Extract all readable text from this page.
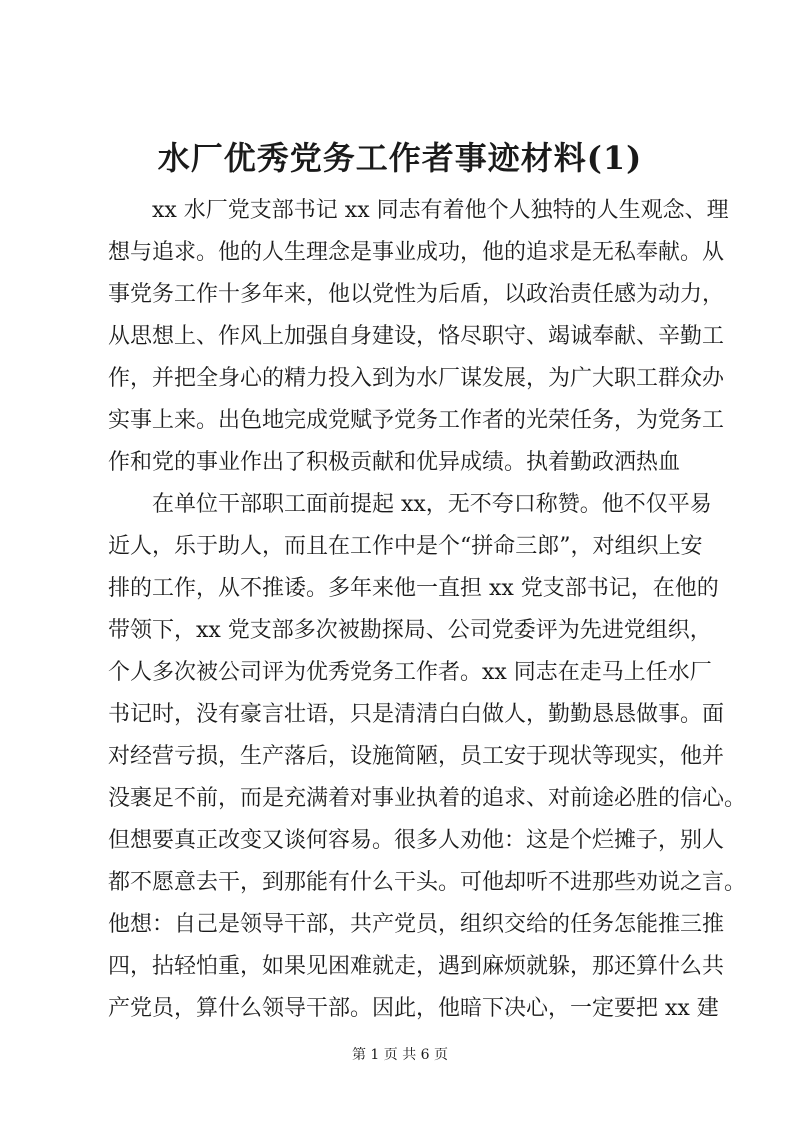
水厂优秀党务工作者事迹材料(1)
xx 水厂党支部书记 xx 同志有着他个人独特的人生观念、理
想与追求。他的人生理念是事业成功，他的追求是无私奉献。从
事党务工作十多年来，他以党性为后盾，以政治责任感为动力，
从思想上、作风上加强自身建设，恪尽职守、竭诚奉献、辛勤工
作，并把全身心的精力投入到为水厂谋发展，为广大职工群众办
实事上来。出色地完成党赋予党务工作者的光荣任务，为党务工
作和党的事业作出了积极贡献和优异成绩。执着勤政洒热血
在单位干部职工面前提起 xx，无不夸口称赞。他不仅平易
近人，乐于助人，而且在工作中是个“拼命三郎”，对组织上安
排的工作，从不推诿。多年来他一直担 xx 党支部书记，在他的
带领下，xx 党支部多次被勘探局、公司党委评为先进党组织，
个人多次被公司评为优秀党务工作者。xx 同志在走马上任水厂
书记时，没有豪言壮语，只是清清白白做人，勤勤恳恳做事。面
对经营亏损，生产落后，设施简陋，员工安于现状等现实，他并
没裹足不前，而是充满着对事业执着的追求、对前途必胜的信心。
但想要真正改变又谈何容易。很多人劝他：这是个烂摊子，别人
都不愿意去干，到那能有什么干头。可他却听不进那些劝说之言。
他想：自己是领导干部，共产党员，组织交给的任务怎能推三推
四，拈轻怕重，如果见困难就走，遇到麻烦就躲，那还算什么共
产党员，算什么领导干部。因此，他暗下决心，一定要把 xx 建
第 1 页 共 6 页
